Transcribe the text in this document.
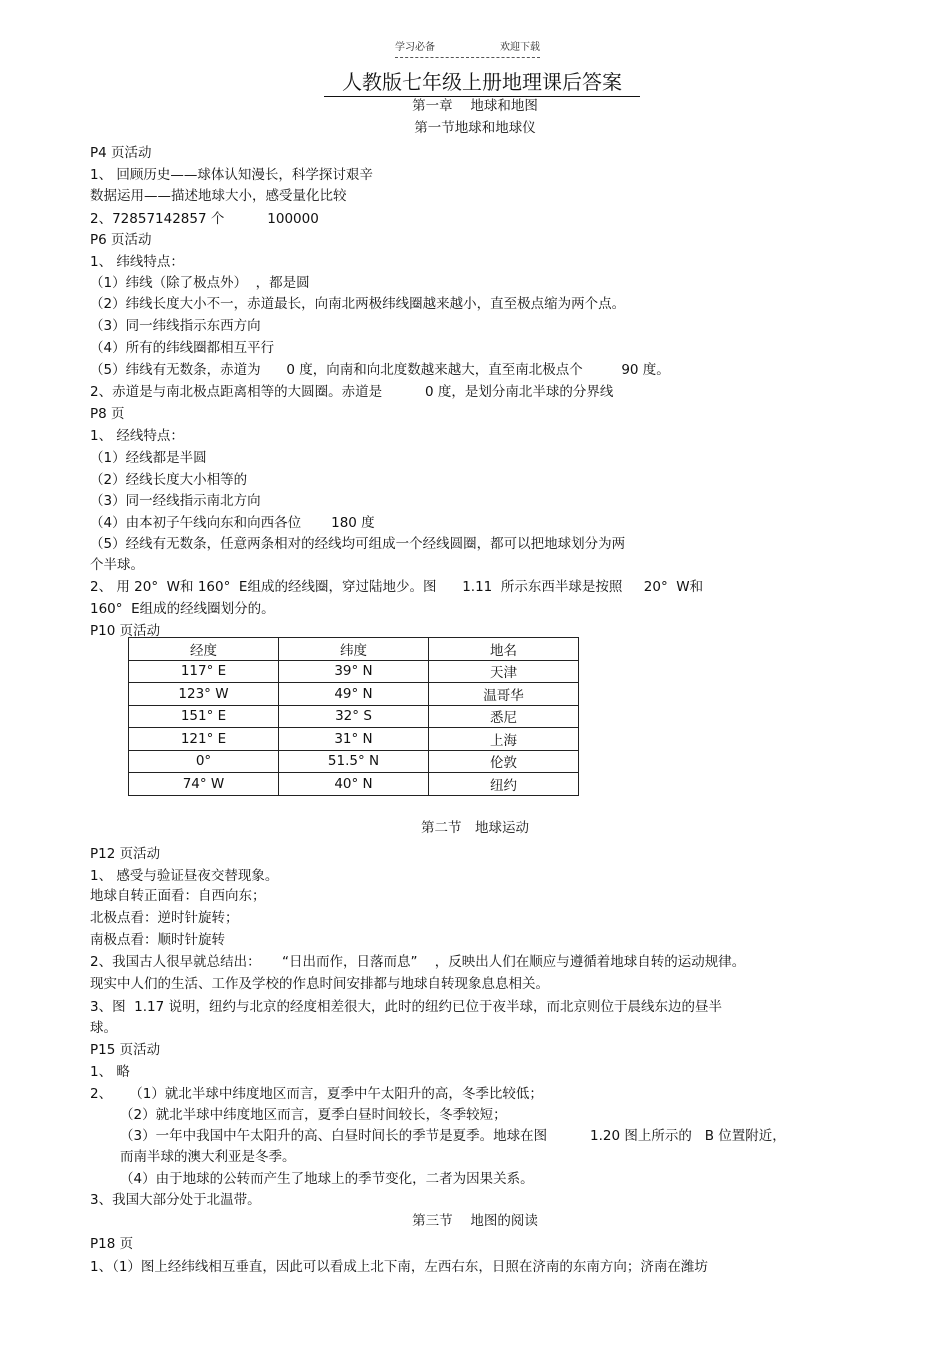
学习必备	欢迎下载
人教版七年级上册地理课后答案
第一章　 地球和地图
第一节地球和地球仪
P4 页活动
1、 回顾历史——球体认知漫长，科学探讨艰辛
数据运用——描述地球大小，感受量化比较
2、72857142857 个          100000
P6 页活动
1、 纬线特点：
（1）纬线（除了极点外）  ，都是圆
（2）纬线长度大小不一，赤道最长，向南北两极纬线圈越来越小，直至极点缩为两个点。
（3）同一纬线指示东西方向
（4）所有的纬线圈都相互平行
（5）纬线有无数条，赤道为      0 度，向南和向北度数越来越大，直至南北极点个         90 度。
2、赤道是与南北极点距离相等的大圆圈。赤道是          0 度，是划分南北半球的分界线
P8 页
1、 经线特点：
（1）经线都是半圆
（2）经线长度大小相等的
（3）同一经线指示南北方向
（4）由本初子午线向东和向西各位       180 度
（5）经线有无数条，任意两条相对的经线均可组成一个经线圆圈，都可以把地球划分为两
个半球。
2、 用 20°  W和 160°  E组成的经线圈，穿过陆地少。图      1.11  所示东西半球是按照     20°  W和
160°  E组成的经线圈划分的。
P10 页活动
经度	纬度	地名
117° E	39° N	天津
123° W	49° N	温哥华
151° E	32° S	悉尼
121° E	31° N	上海
0°	51.5° N	伦敦
74° W	40° N	纽约
第二节　地球运动
P12 页活动
1、 感受与验证昼夜交替现象。
地球自转正面看：自西向东；
北极点看：逆时针旋转；
南极点看：顺时针旋转
2、我国古人很早就总结出：     “日出而作，日落而息”    ，反映出人们在顺应与遵循着地球自转的运动规律。
现实中人们的生活、工作及学校的作息时间安排都与地球自转现象息息相关。
3、图  1.17 说明，纽约与北京的经度相差很大，此时的纽约已位于夜半球，而北京则位于晨线东边的昼半
球。
P15 页活动
1、 略
2、    （1）就北半球中纬度地区而言，夏季中午太阳升的高，冬季比较低；
（2）就北半球中纬度地区而言，夏季白昼时间较长，冬季较短；
（3）一年中我国中午太阳升的高、白昼时间长的季节是夏季。地球在图          1.20 图上所示的   B 位置附近，
而南半球的澳大利亚是冬季。
（4）由于地球的公转而产生了地球上的季节变化，二者为因果关系。
3、我国大部分处于北温带。
第三节　 地图的阅读
P18 页
1、（1）图上经纬线相互垂直，因此可以看成上北下南，左西右东，日照在济南的东南方向；济南在潍坊
